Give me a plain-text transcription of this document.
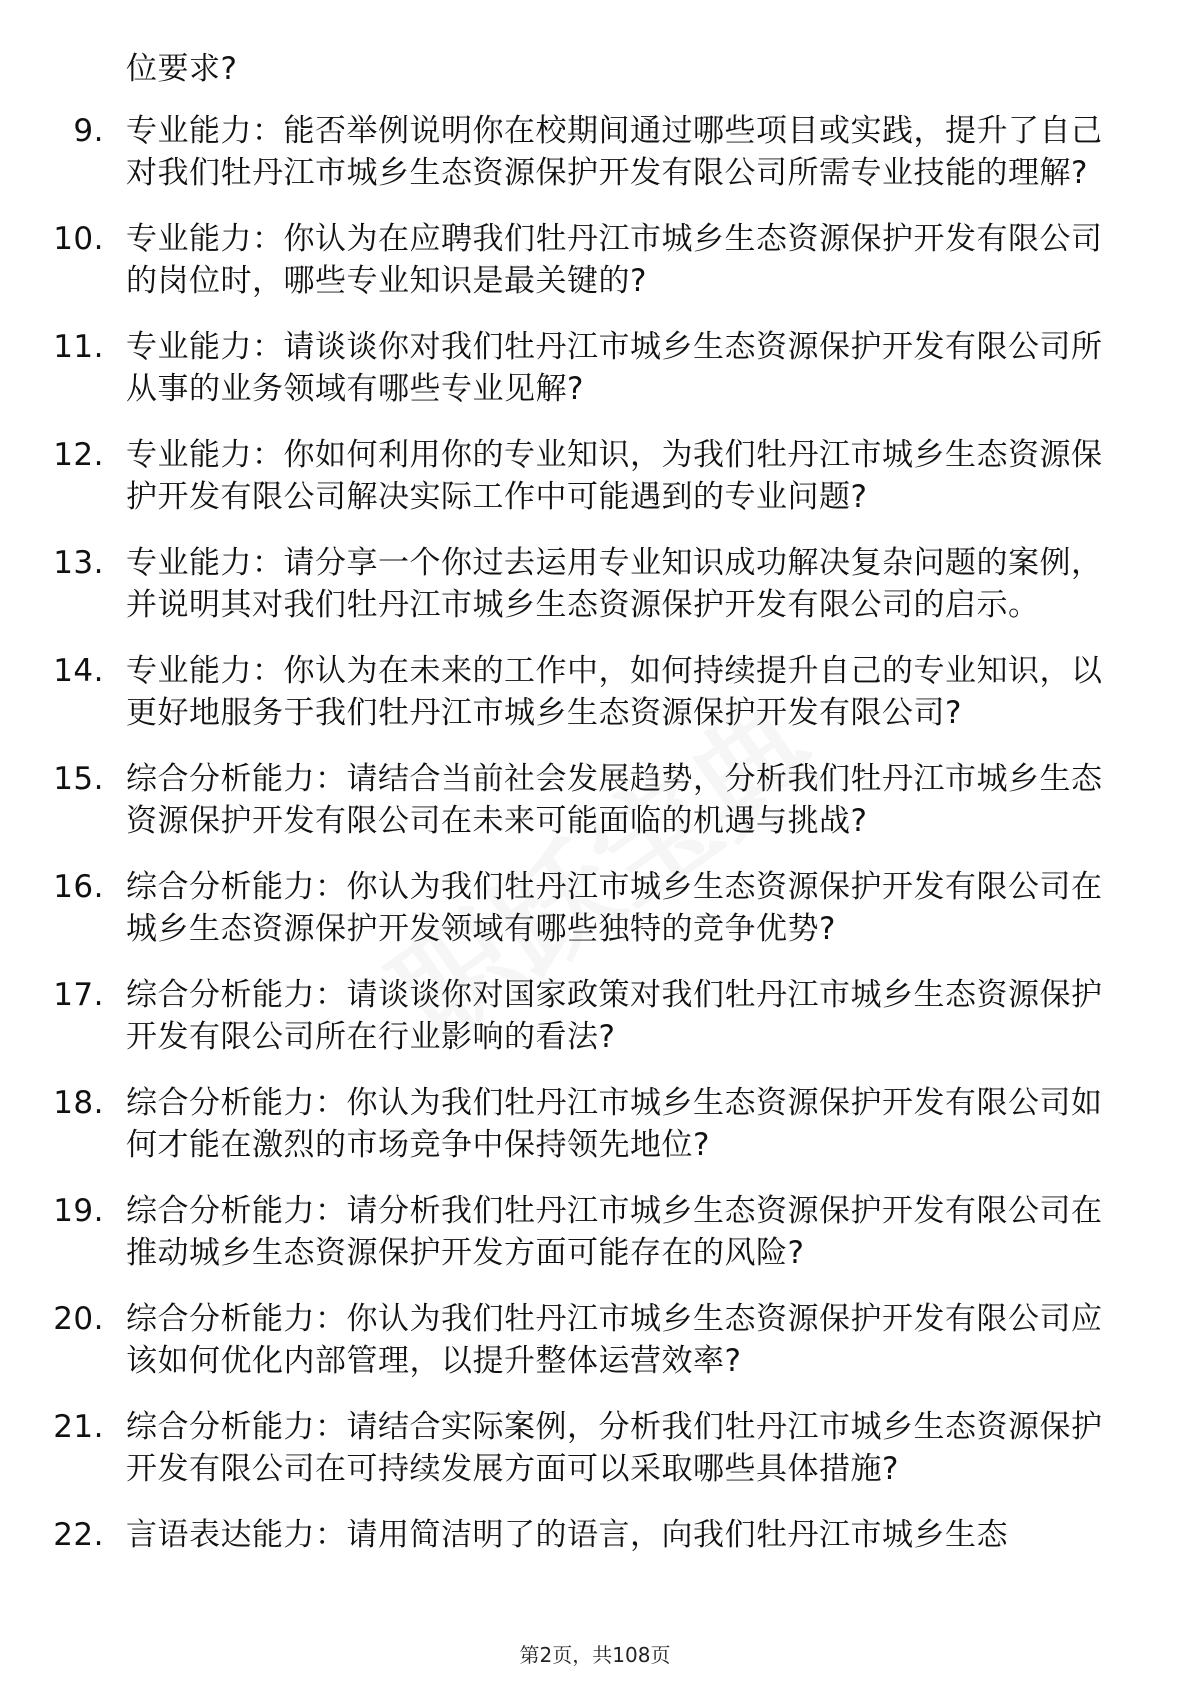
位要求?
9. 专业能力：能否举例说明你在校期间通过哪些项目或实践，提升了自己对我们牡丹江市城乡生态资源保护开发有限公司所需专业技能的理解?
10. 专业能力：你认为在应聘我们牡丹江市城乡生态资源保护开发有限公司的岗位时，哪些专业知识是最关键的?
11. 专业能力：请谈谈你对我们牡丹江市城乡生态资源保护开发有限公司所从事的业务领域有哪些专业见解?
12. 专业能力：你如何利用你的专业知识，为我们牡丹江市城乡生态资源保护开发有限公司解决实际工作中可能遇到的专业问题?
13. 专业能力：请分享一个你过去运用专业知识成功解决复杂问题的案例，并说明其对我们牡丹江市城乡生态资源保护开发有限公司的启示。
14. 专业能力：你认为在未来的工作中，如何持续提升自己的专业知识，以更好地服务于我们牡丹江市城乡生态资源保护开发有限公司?
15. 综合分析能力：请结合当前社会发展趋势，分析我们牡丹江市城乡生态资源保护开发有限公司在未来可能面临的机遇与挑战?
16. 综合分析能力：你认为我们牡丹江市城乡生态资源保护开发有限公司在城乡生态资源保护开发领域有哪些独特的竞争优势?
17. 综合分析能力：请谈谈你对国家政策对我们牡丹江市城乡生态资源保护开发有限公司所在行业影响的看法?
18. 综合分析能力：你认为我们牡丹江市城乡生态资源保护开发有限公司如何才能在激烈的市场竞争中保持领先地位?
19. 综合分析能力：请分析我们牡丹江市城乡生态资源保护开发有限公司在推动城乡生态资源保护开发方面可能存在的风险?
20. 综合分析能力：你认为我们牡丹江市城乡生态资源保护开发有限公司应该如何优化内部管理，以提升整体运营效率?
21. 综合分析能力：请结合实际案例，分析我们牡丹江市城乡生态资源保护开发有限公司在可持续发展方面可以采取哪些具体措施?
22. 言语表达能力：请用简洁明了的语言，向我们牡丹江市城乡生态
第2页，共108页
